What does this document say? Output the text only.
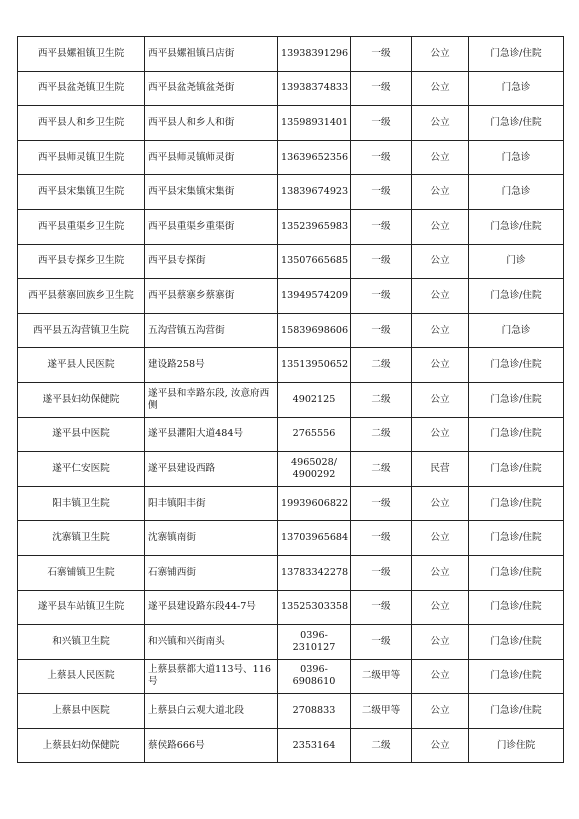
西平县嫘祖镇卫生院	西平县嫘祖镇吕店街	13938391296	一级	公立	门急诊/住院
西平县盆尧镇卫生院	西平县盆尧镇盆尧街	13938374833	一级	公立	门急诊
西平县人和乡卫生院	西平县人和乡人和街	13598931401	一级	公立	门急诊/住院
西平县师灵镇卫生院	西平县师灵镇师灵街	13639652356	一级	公立	门急诊
西平县宋集镇卫生院	西平县宋集镇宋集街	13839674923	一级	公立	门急诊
西平县重渠乡卫生院	西平县重渠乡重渠街	13523965983	一级	公立	门急诊/住院
西平县专探乡卫生院	西平县专探街	13507665685	一级	公立	门诊
西平县蔡寨回族乡卫生院	西平县蔡寨乡蔡寨街	13949574209	一级	公立	门急诊/住院
西平县五沟营镇卫生院	五沟营镇五沟营街	15839698606	一级	公立	门急诊
遂平县人民医院	建设路258号	13513950652	二级	公立	门急诊/住院
遂平县妇幼保健院	遂平县和幸路东段, 汝意府西侧	4902125	二级	公立	门急诊/住院
遂平县中医院	遂平县灈阳大道484号	2765556	二级	公立	门急诊/住院
遂平仁安医院	遂平县建设西路	4965028/ 4900292	二级	民营	门急诊/住院
阳丰镇卫生院	阳丰镇阳丰街	19939606822	一级	公立	门急诊/住院
沈寨镇卫生院	沈寨镇南街	13703965684	一级	公立	门急诊/住院
石寨铺镇卫生院	石寨铺西街	13783342278	一级	公立	门急诊/住院
遂平县车站镇卫生院	遂平县建设路东段44-7号	13525303358	一级	公立	门急诊/住院
和兴镇卫生院	和兴镇和兴街南头	0396-2310127	一级	公立	门急诊/住院
上蔡县人民医院	上蔡县蔡都大道113号、116号	0396-6908610	二级甲等	公立	门急诊/住院
上蔡县中医院	上蔡县白云观大道北段	2708833	二级甲等	公立	门急诊/住院
上蔡县妇幼保健院	蔡侯路666号	2353164	二级	公立	门诊住院
